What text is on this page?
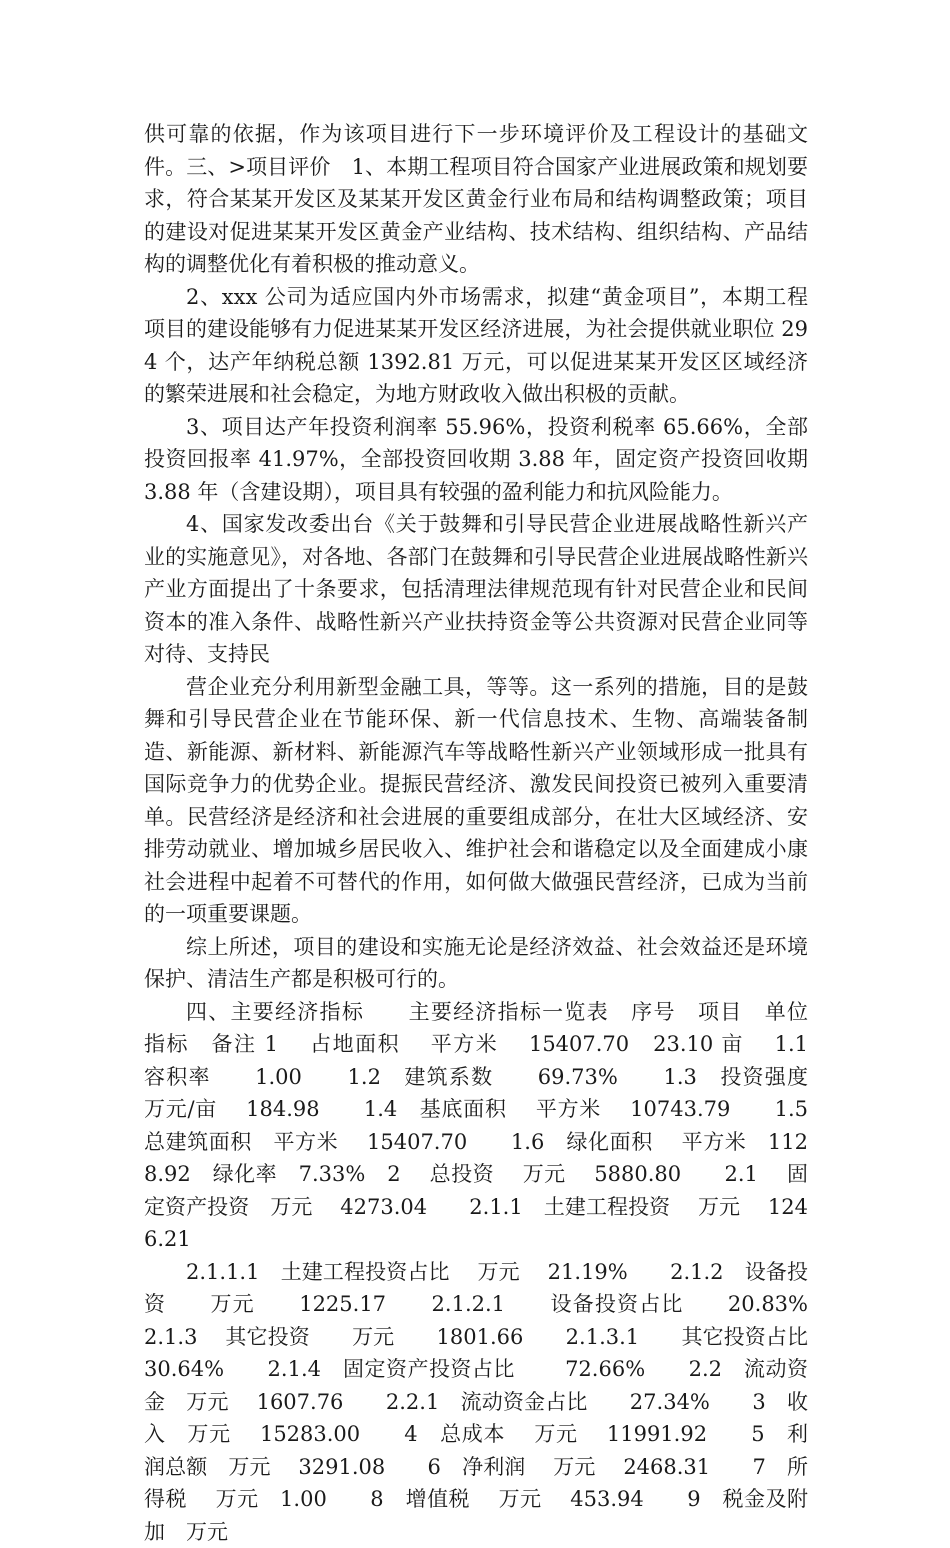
供可靠的依据，作为该项目进行下一步环境评价及工程设计的基础文件。三、>项目评价　1、本期工程项目符合国家产业进展政策和规划要求，符合某某开发区及某某开发区黄金行业布局和结构调整政策；项目的建设对促进某某开发区黄金产业结构、技术结构、组织结构、产品结构的调整优化有着积极的推动意义。

2、xxx 公司为适应国内外市场需求，拟建“黄金项目”，本期工程项目的建设能够有力促进某某开发区经济进展，为社会提供就业职位 294 个，达产年纳税总额 1392.81 万元，可以促进某某开发区区域经济的繁荣进展和社会稳定，为地方财政收入做出积极的贡献。

3、项目达产年投资利润率 55.96%，投资利税率 65.66%，全部投资回报率 41.97%，全部投资回收期 3.88 年，固定资产投资回收期 3.88 年（含建设期），项目具有较强的盈利能力和抗风险能力。

4、国家发改委出台《关于鼓舞和引导民营企业进展战略性新兴产业的实施意见》，对各地、各部门在鼓舞和引导民营企业进展战略性新兴产业方面提出了十条要求，包括清理法律规范现有针对民营企业和民间资本的准入条件、战略性新兴产业扶持资金等公共资源对民营企业同等对待、支持民

营企业充分利用新型金融工具，等等。这一系列的措施，目的是鼓舞和引导民营企业在节能环保、新一代信息技术、生物、高端装备制造、新能源、新材料、新能源汽车等战略性新兴产业领域形成一批具有国际竞争力的优势企业。提振民营经济、激发民间投资已被列入重要清单。民营经济是经济和社会进展的重要组成部分，在壮大区域经济、安排劳动就业、增加城乡居民收入、维护社会和谐稳定以及全面建成小康社会进程中起着不可替代的作用，如何做大做强民营经济，已成为当前的一项重要课题。

综上所述，项目的建设和实施无论是经济效益、社会效益还是环境保护、清洁生产都是积极可行的。

四、主要经济指标　　主要经济指标一览表　序号　项目　单位　指标　备注 1　 占地面积　 平方米　 15407.70　23.10 亩　 1.1　 容积率　　1.00　　1.2　建筑系数　　69.73%　　1.3　投资强度　万元/亩　 184.98　　1.4　基底面积　 平方米　 10743.79　　1.5　总建筑面积　平方米　 15407.70　　1.6　绿化面积　 平方米　1128.92　绿化率　7.33%　2　 总投资　 万元　 5880.80　　2.1　 固定资产投资　万元　 4273.04　　2.1.1　土建工程投资　 万元　 1246.21

2.1.1.1　土建工程投资占比　 万元　 21.19%　　2.1.2　设备投资　　万元　　1225.17　　2.1.2.1　　设备投资占比　　20.83%　2.1.3　 其它投资　　万元　　1801.66　　2.1.3.1　　其它投资占比　30.64%　　2.1.4　固定资产投资占比　　 72.66%　　2.2　流动资金　万元　 1607.76　　2.2.1　流动资金占比　　27.34%　　3　收入　万元　 15283.00　　4　总成本　 万元　 11991.92　　5　利润总额　万元　 3291.08　　6　净利润　 万元　 2468.31　　7　所得税　 万元　1.00　　8　增值税　 万元　 453.94　　9　税金及附加　万元
